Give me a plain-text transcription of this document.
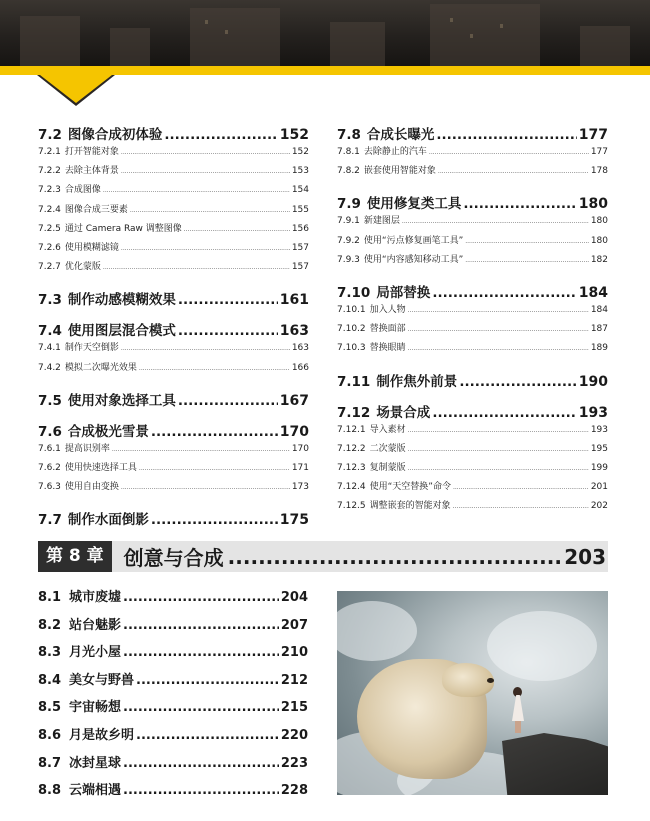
7.2 图像合成初体验 .....	152
7.2.1 打开智能对象 .....	152
7.2.2 去除主体背景 .....	153
7.2.3 合成图像 .....	154
7.2.4 图像合成三要素 .....	155
7.2.5 通过 Camera Raw 调整图像 .....	156
7.2.6 使用模糊滤镜 .....	157
7.2.7 优化蒙版 .....	157
7.3 制作动感模糊效果 .....	161
7.4 使用图层混合模式 .....	163
7.4.1 制作天空倒影 .....	163
7.4.2 模拟二次曝光效果 .....	166
7.5 使用对象选择工具 .....	167
7.6 合成极光雪景 .....	170
7.6.1 提高识别率 .....	170
7.6.2 使用快速选择工具 .....	171
7.6.3 使用自由变换 .....	173
7.7 制作水面倒影 .....	175
7.8 合成长曝光 .....	177
7.8.1 去除静止的汽车 .....	177
7.8.2 嵌套使用智能对象 .....	178
7.9 使用修复类工具 .....	180
7.9.1 新建图层 .....	180
7.9.2 使用“污点修复画笔工具” .....	180
7.9.3 使用“内容感知移动工具” .....	182
7.10 局部替换 .....	184
7.10.1 加入人物 .....	184
7.10.2 替换面部 .....	187
7.10.3 替换眼睛 .....	189
7.11 制作焦外前景 .....	190
7.12 场景合成 .....	193
7.12.1 导入素材 .....	193
7.12.2 二次蒙版 .....	195
7.12.3 复制蒙版 .....	199
7.12.4 使用“天空替换”命令 .....	201
7.12.5 调整嵌套的智能对象 .....	202
第 8 章	创意与合成 .....	203
8.1 城市废墟 .....	204
8.2 站台魅影 .....	207
8.3 月光小屋 .....	210
8.4 美女与野兽 .....	212
8.5 宇宙畅想 .....	215
8.6 月是故乡明 .....	220
8.7 冰封星球 .....	223
8.8 云端相遇 .....	228
